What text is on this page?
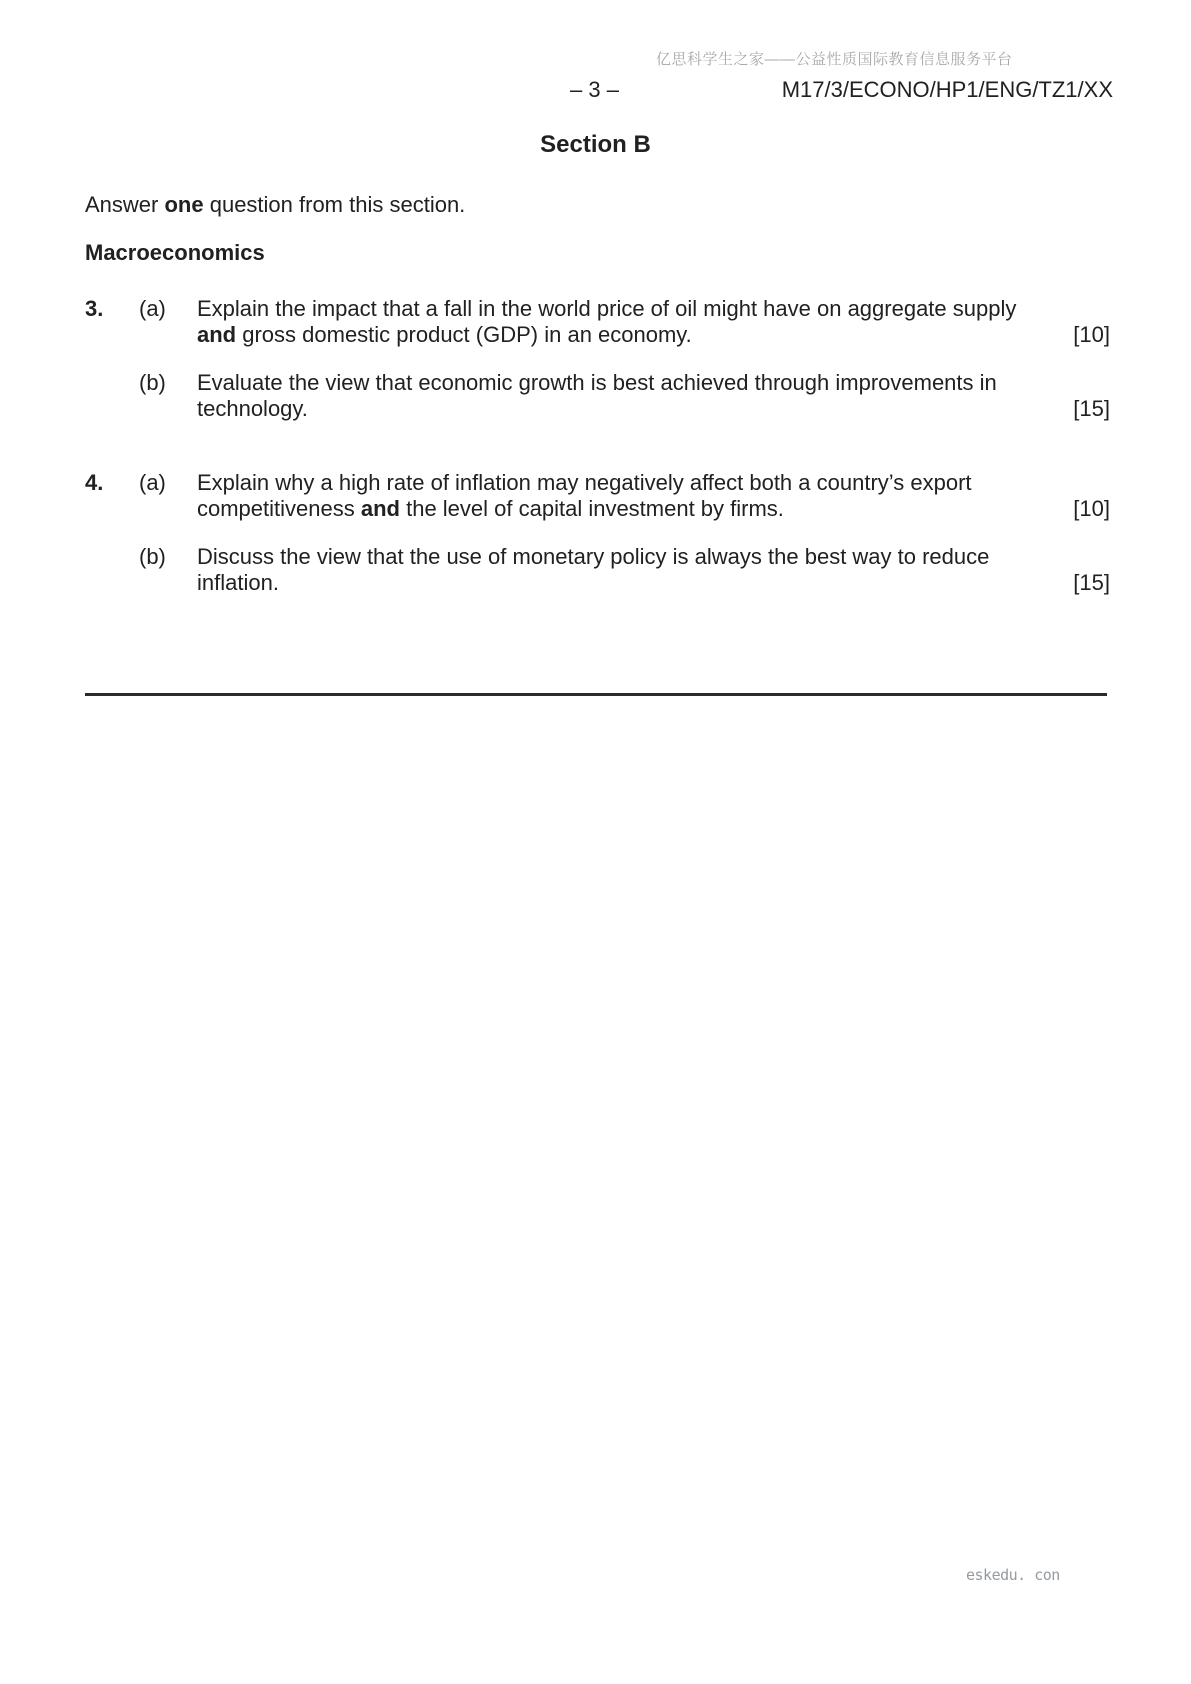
亿思科学生之家——公益性质国际教育信息服务平台
– 3 –	M17/3/ECONO/HP1/ENG/TZ1/XX
Section B
Answer one question from this section.
Macroeconomics
3.	(a)	Explain the impact that a fall in the world price of oil might have on aggregate supply and gross domestic product (GDP) in an economy.	[10]
(b)	Evaluate the view that economic growth is best achieved through improvements in technology.	[15]
4.	(a)	Explain why a high rate of inflation may negatively affect both a country’s export competitiveness and the level of capital investment by firms.	[10]
(b)	Discuss the view that the use of monetary policy is always the best way to reduce inflation.	[15]
eskedu. con
